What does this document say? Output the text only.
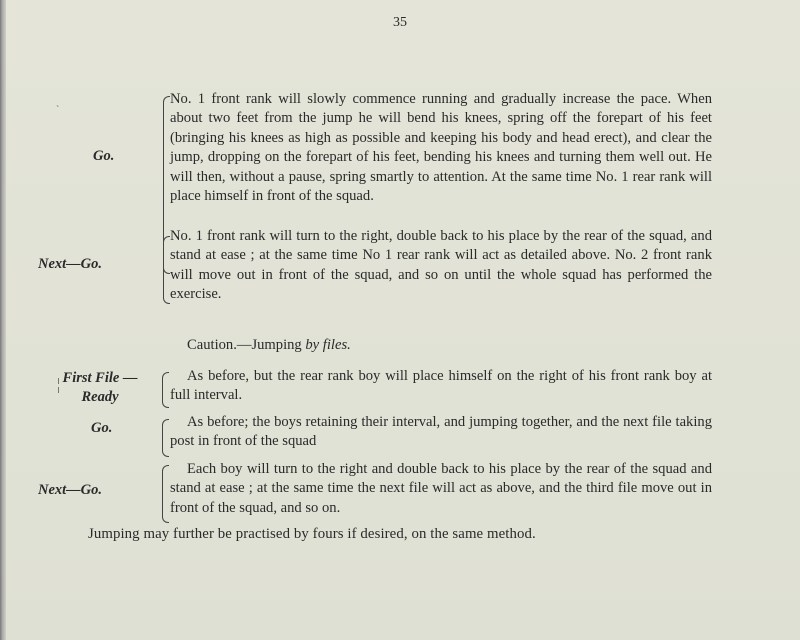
35
Go.
No. 1 front rank will slowly commence running and gradually increase the pace. When about two feet from the jump he will bend his knees, spring off the forepart of his feet (bringing his knees as high as possible and keeping his body and head erect), and clear the jump, dropping on the forepart of his feet, bending his knees and turning them well out. He will then, without a pause, spring smartly to attention. At the same time No. 1 rear rank will place himself in front of the squad.
Next—Go.
No. 1 front rank will turn to the right, double back to his place by the rear of the squad, and stand at ease ; at the same time No 1 rear rank will act as detailed above. No. 2 front rank will move out in front of the squad, and so on until the whole squad has performed the exercise.
Caution.—Jumping by files.
First File —Ready
As before, but the rear rank boy will place himself on the right of his front rank boy at full interval.
Go.	As before; the boys retaining their interval, and jumping together, and the next file taking post in front of the squad
Next—Go.
Each boy will turn to the right and double back to his place by the rear of the squad and stand at ease ; at the same time the next file will act as above, and the third file move out in front of the squad, and so on.
Jumping may further be practised by fours if desired, on the same method.
˴
